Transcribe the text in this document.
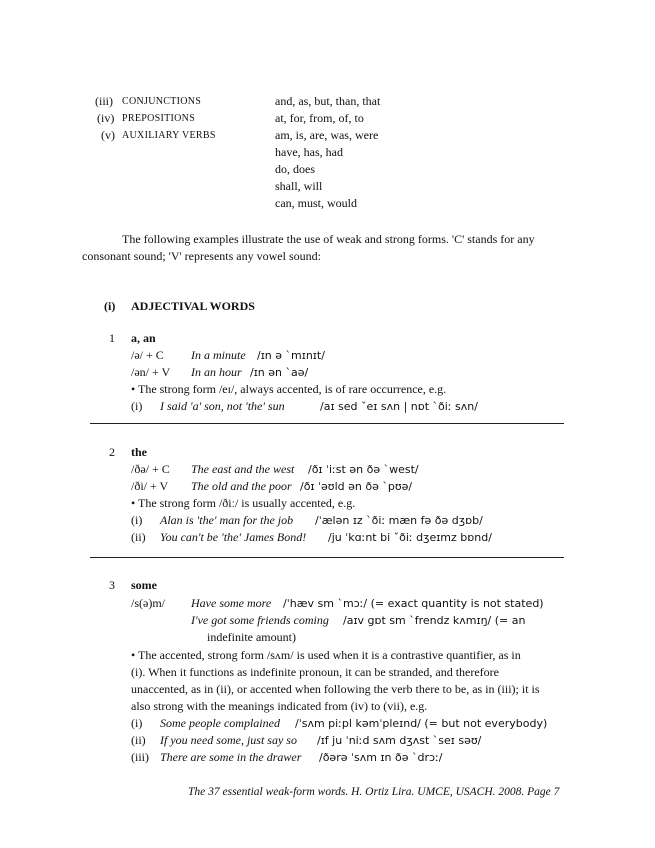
(iii) CONJUNCTIONS	and, as, but, than, that
(iv) PREPOSITIONS	at, for, from, of, to
(v) AUXILIARY VERBS	am, is, are, was, were
have, has, had
do, does
shall, will
can, must, would
The following examples illustrate the use of weak and strong forms. 'C' stands for any
consonant sound; 'V' represents any vowel sound:
(i) ADJECTIVAL WORDS
1 a, an
/ə/ + C In a minute /ɪn ə `mɪnɪt/
/ən/ + V In an hour /ɪn ən `aə/
• The strong form /eɪ/, always accented, is of rare occurrence, e.g.
(i) I said 'a' son, not 'the' sun	/aɪ sed ˇeɪ sʌn | nɒt `ðiː sʌn/
2 the
/ðə/ + C The east and the west /ðɪ ˈiːst ən ðə `west/
/ði/ + V The old and the poor /ðɪ ˈəʊld ən ðə `pʊə/
• The strong form /ðiː/ is usually accented, e.g.
(i) Alan is 'the' man for the job /ˈælən ɪz `ðiː mæn fə ðə dʒɒb/
(ii) You can't be 'the' James Bond! /ju ˈkɑːnt bi ˇðiː dʒeɪmz bɒnd/
3 some
/s(ə)m/ Have some more /ˈhæv sm `mɔː/ (= exact quantity is not stated)
I've got some friends coming /aɪv gɒt sm `frendz kʌmɪŋ/ (= an
indefinite amount)
• The accented, strong form /sʌm/ is used when it is a contrastive quantifier, as in
(i). When it functions as indefinite pronoun, it can be stranded, and therefore
unaccented, as in (ii), or accented when following the verb there to be, as in (iii); it is
also strong with the meanings indicated from (iv) to (vii), e.g.
(i) Some people complained /ˈsʌm piːpl kəmˈpleɪnd/ (= but not everybody)
(ii) If you need some, just say so /ɪf ju ˈniːd sʌm dʒʌst `seɪ səʊ/
(iii) There are some in the drawer /ðərə ˈsʌm ɪn ðə `drɔː/
The 37 essential weak-form words. H. Ortiz Lira. UMCE, USACH. 2008. Page 7
